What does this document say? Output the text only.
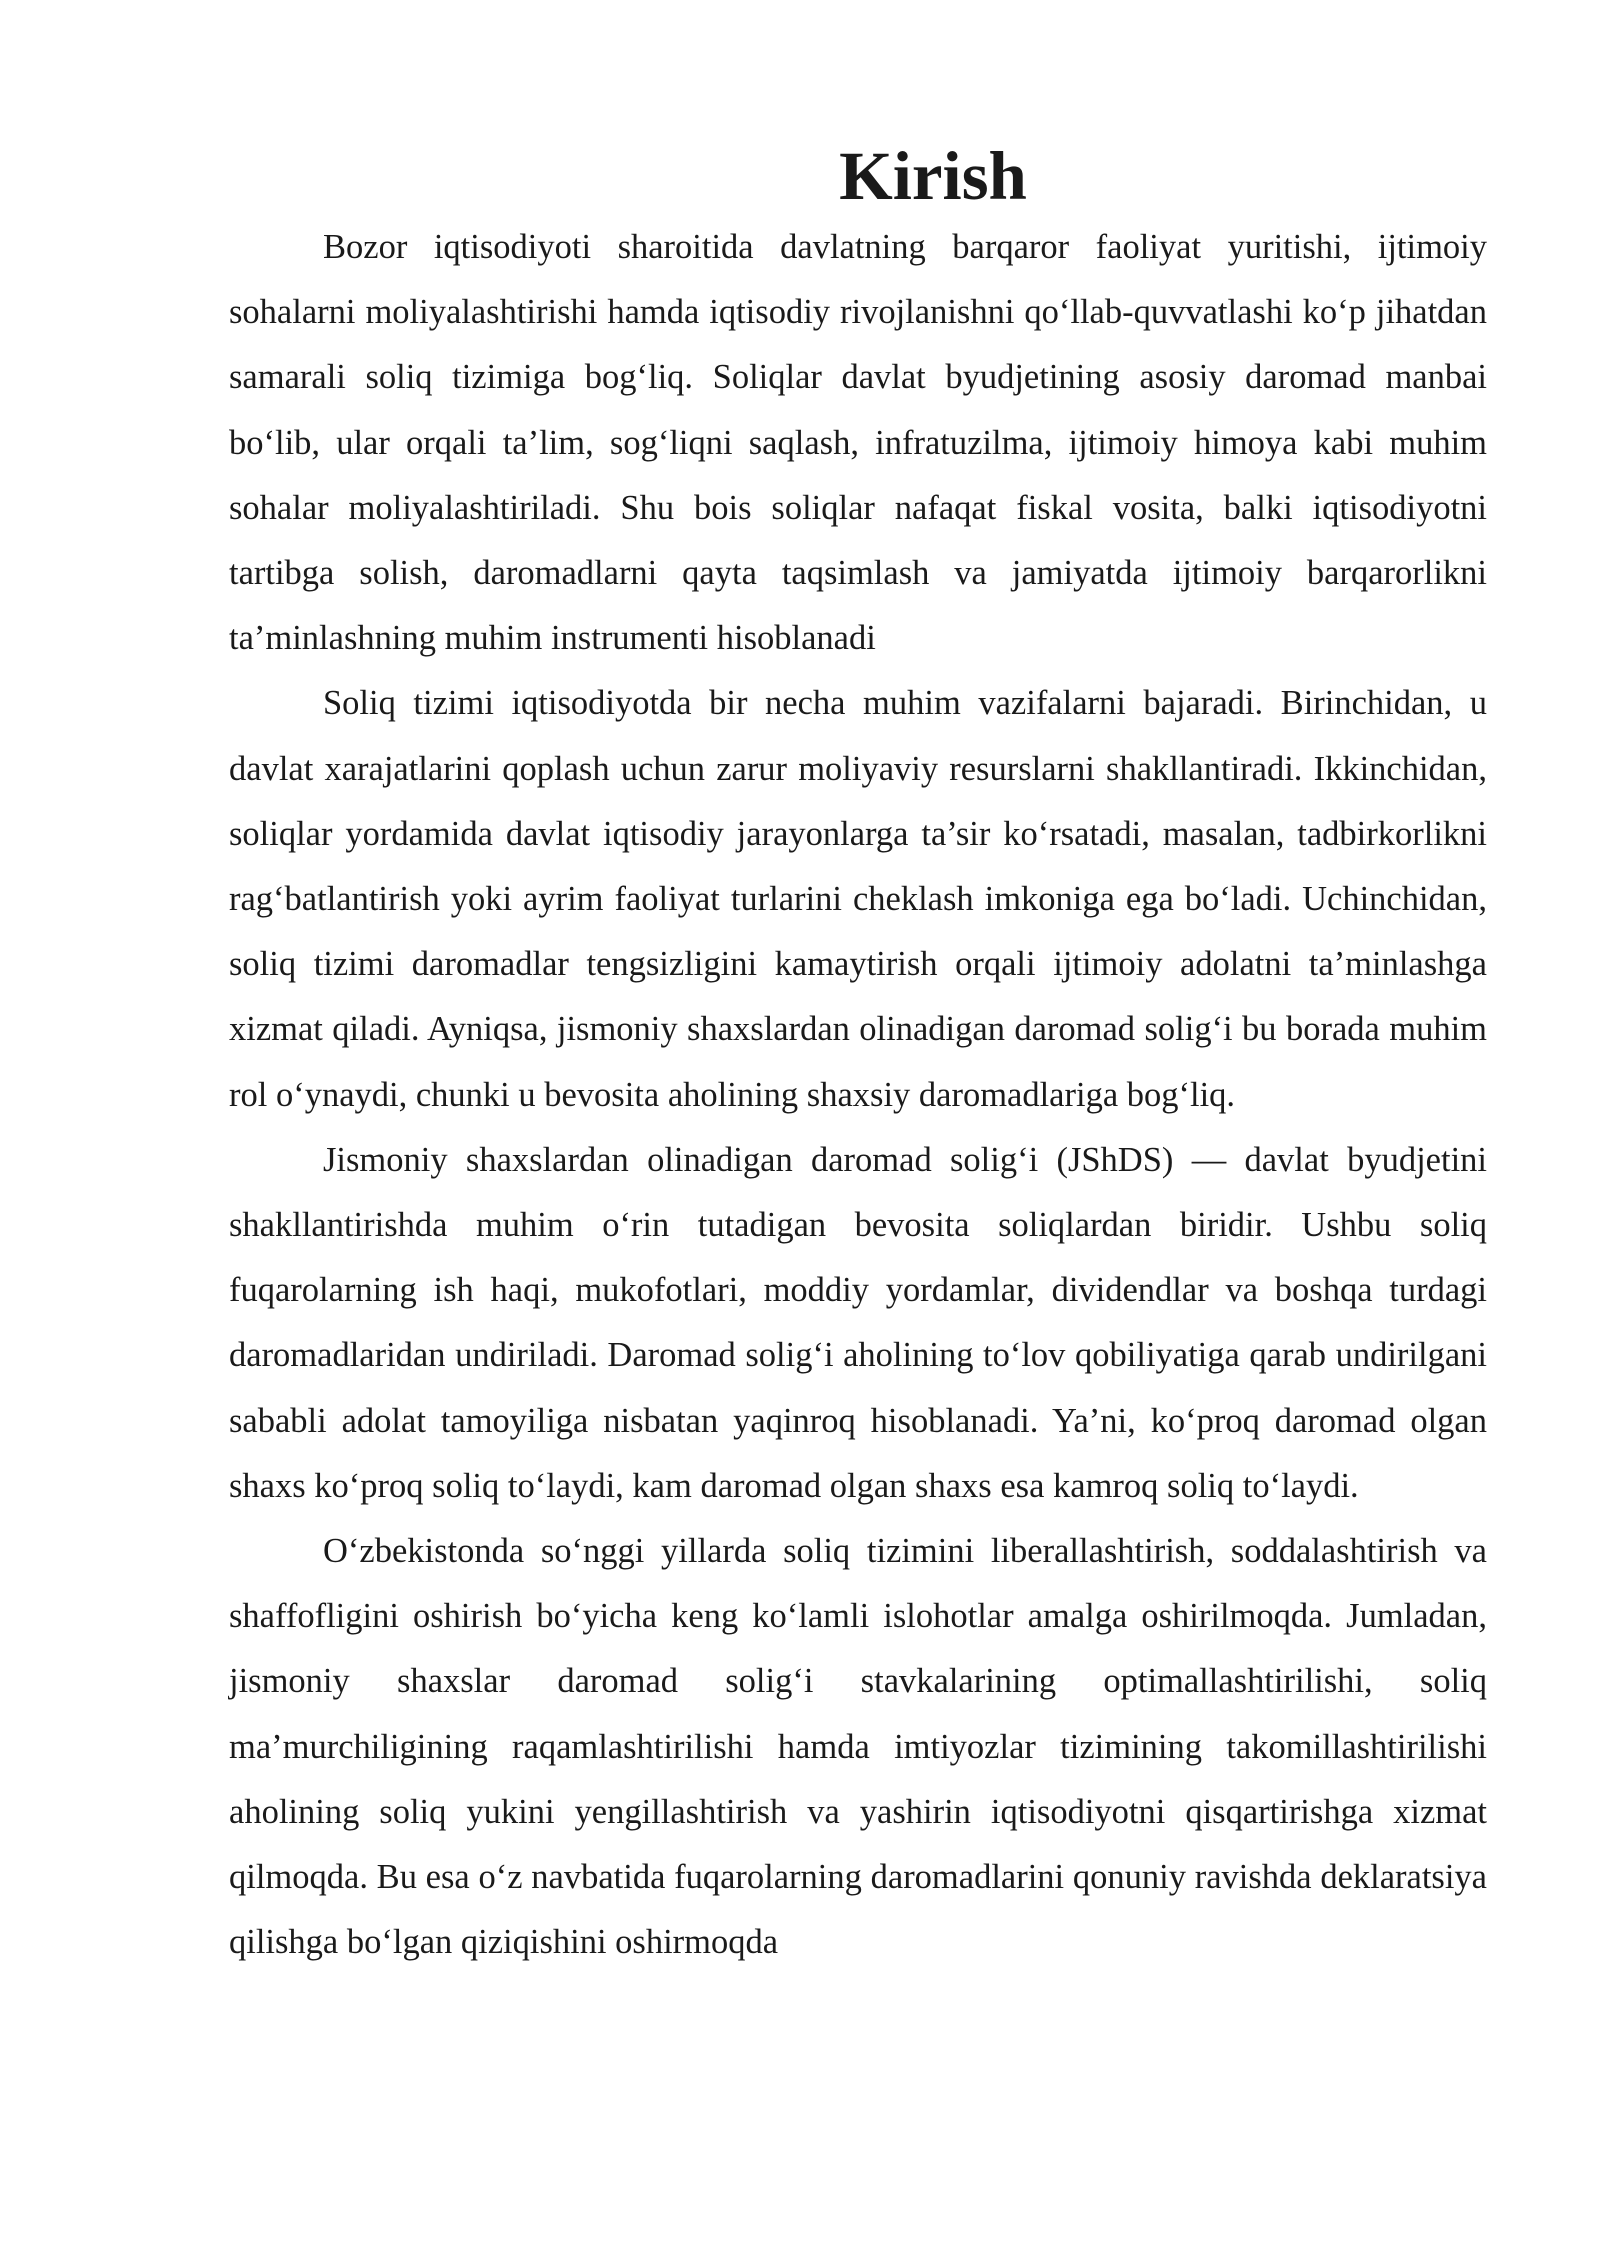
Kirish

Bozor iqtisodiyoti sharoitida davlatning barqaror faoliyat yuritishi, ijtimoiy sohalarni moliyalashtirishi hamda iqtisodiy rivojlanishni qo‘llab-quvvatlashi ko‘p jihatdan samarali soliq tizimiga bog‘liq. Soliqlar davlat byudjetining asosiy daromad manbai bo‘lib, ular orqali ta’lim, sog‘liqni saqlash, infratuzilma, ijtimoiy himoya kabi muhim sohalar moliyalashtiriladi. Shu bois soliqlar nafaqat fiskal vosita, balki iqtisodiyotni tartibga solish, daromadlarni qayta taqsimlash va jamiyatda ijtimoiy barqarorlikni ta’minlashning muhim instrumenti hisoblanadi

Soliq tizimi iqtisodiyotda bir necha muhim vazifalarni bajaradi. Birinchidan, u davlat xarajatlarini qoplash uchun zarur moliyaviy resurslarni shakllantiradi. Ikkinchidan, soliqlar yordamida davlat iqtisodiy jarayonlarga ta’sir ko‘rsatadi, masalan, tadbirkorlikni rag‘batlantirish yoki ayrim faoliyat turlarini cheklash imkoniga ega bo‘ladi. Uchinchidan, soliq tizimi daromadlar tengsizligini kamaytirish orqali ijtimoiy adolatni ta’minlashga xizmat qiladi. Ayniqsa, jismoniy shaxslardan olinadigan daromad solig‘i bu borada muhim rol o‘ynaydi, chunki u bevosita aholining shaxsiy daromadlariga bog‘liq.

Jismoniy shaxslardan olinadigan daromad solig‘i (JShDS) — davlat byudjetini shakllantirishda muhim o‘rin tutadigan bevosita soliqlardan biridir. Ushbu soliq fuqarolarning ish haqi, mukofotlari, moddiy yordamlar, dividendlar va boshqa turdagi daromadlaridan undiriladi. Daromad solig‘i aholining to‘lov qobiliyatiga qarab undirilgani sababli adolat tamoyiliga nisbatan yaqinroq hisoblanadi. Ya’ni, ko‘proq daromad olgan shaxs ko‘proq soliq to‘laydi, kam daromad olgan shaxs esa kamroq soliq to‘laydi.

O‘zbekistonda so‘nggi yillarda soliq tizimini liberallashtirish, soddalashtirish va shaffofligini oshirish bo‘yicha keng ko‘lamli islohotlar amalga oshirilmoqda. Jumladan, jismoniy shaxslar daromad solig‘i stavkalarining optimallashtirilishi, soliq ma’murchiligining raqamlashtirilishi hamda imtiyozlar tizimining takomillashtirilishi aholining soliq yukini yengillashtirish va yashirin iqtisodiyotni qisqartirishga xizmat qilmoqda. Bu esa o‘z navbatida fuqarolarning daromadlarini qonuniy ravishda deklaratsiya qilishga bo‘lgan qiziqishini oshirmoqda
